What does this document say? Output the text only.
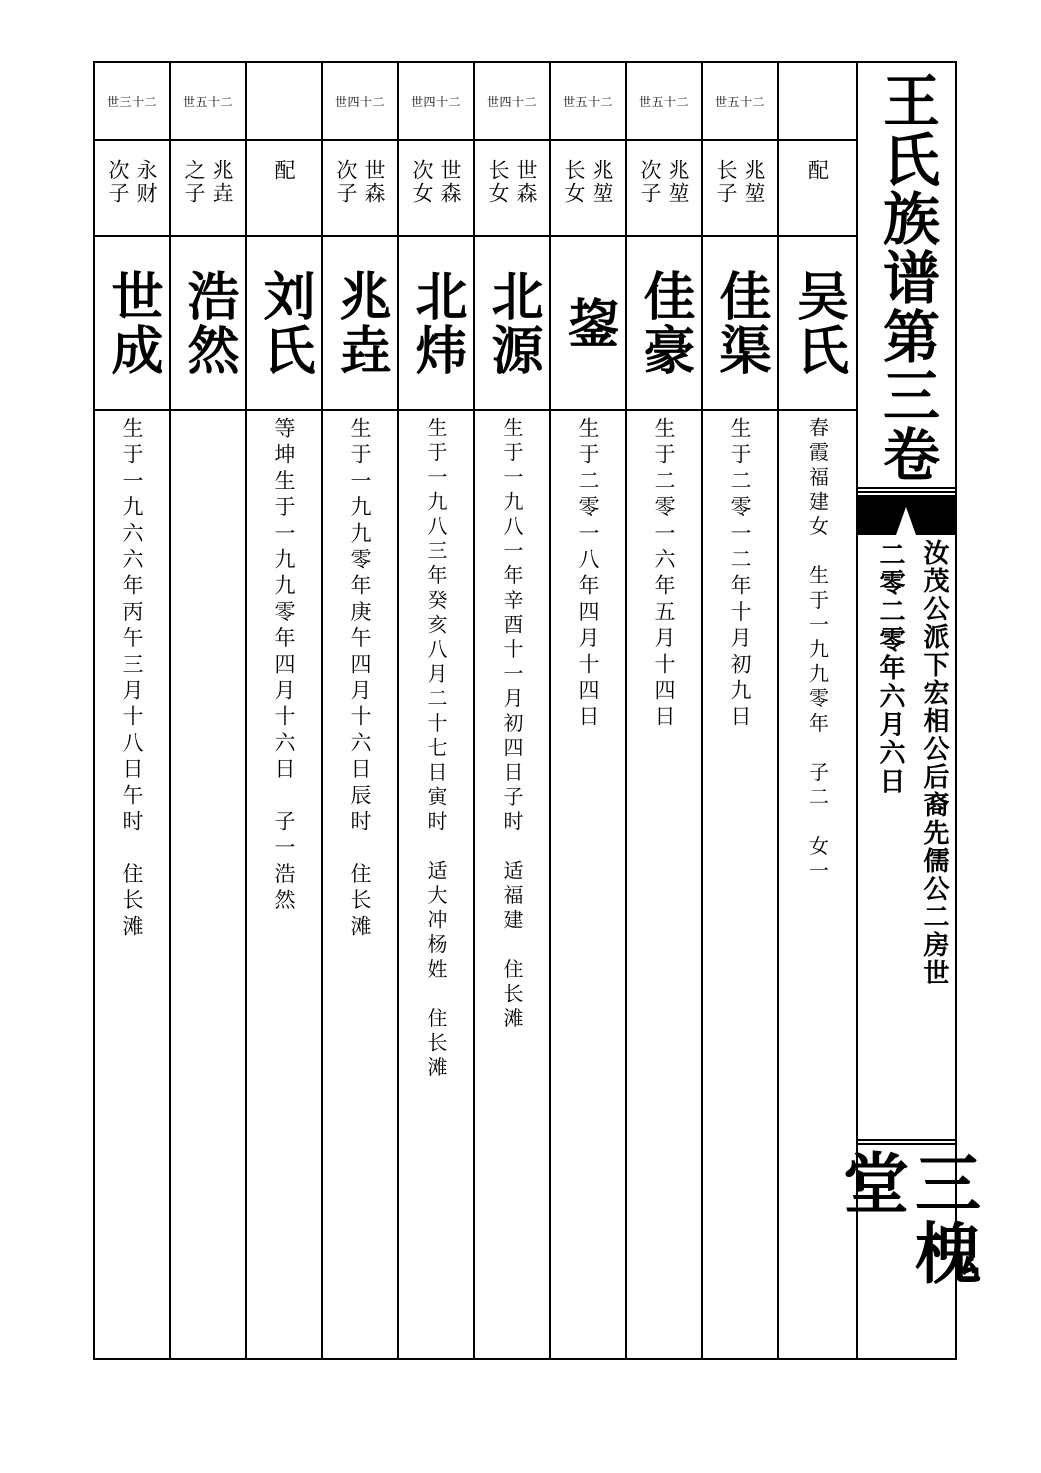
世三十二
永财次子
世成
生于一九六六年丙午三月十八日午时　住长滩
世五十二
兆垚之子
浩然
配
刘氏
等坤生于一九九零年四月十六日　子一浩然
世四十二
世森次子
兆垚
生于一九九零年庚午四月十六日辰时　住长滩
世四十二
世森次女
北炜
生于一九八三年癸亥八月二十七日寅时　适大冲杨姓　住长滩
世四十二
世森长女
北源
生于一九八一年辛酉十一月初四日子时　适福建　住长滩
世五十二
兆堃长女
鋆
生于二零一八年四月十四日
世五十二
兆堃次子
佳豪
生于二零一六年五月十四日
世五十二
兆堃长子
佳渠
生于二零一二年十月初九日
配
吴氏
春霞福建女　生于一九九零年　子二　女一
王氏族谱第三卷
汝茂公派下宏相公后裔先儒公二房世
二零二零年六月六日
三槐堂
